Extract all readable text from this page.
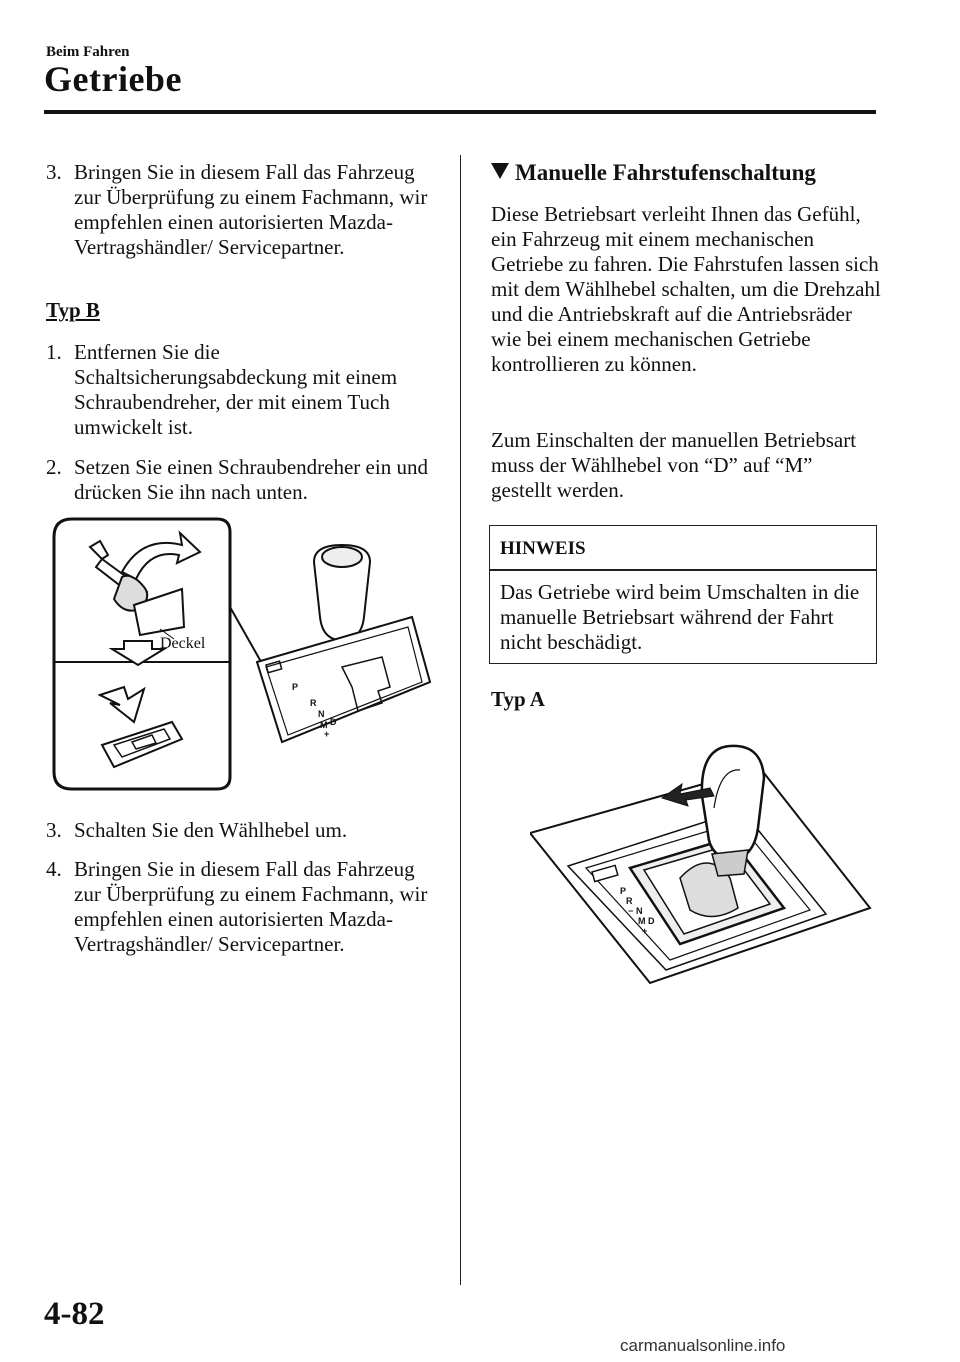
Beim Fahren
Getriebe
3. Bringen Sie in diesem Fall das Fahrzeug zur Überprüfung zu einem Fachmann, wir empfehlen einen autorisierten Mazda-Vertragshändler/ Servicepartner.
Typ B
1. Entfernen Sie die Schaltsicherungsabdeckung mit einem Schraubendreher, der mit einem Tuch umwickelt ist.
2. Setzen Sie einen Schraubendreher ein und drücken Sie ihn nach unten.
Deckel
P
R
N
M D
+
3. Schalten Sie den Wählhebel um.
4. Bringen Sie in diesem Fall das Fahrzeug zur Überprüfung zu einem Fachmann, wir empfehlen einen autorisierten Mazda-Vertragshändler/ Servicepartner.
Manuelle Fahrstufenschaltung

Diese Betriebsart verleiht Ihnen das Gefühl, ein Fahrzeug mit einem mechanischen Getriebe zu fahren. Die Fahrstufen lassen sich mit dem Wählhebel schalten, um die Drehzahl und die Antriebskraft auf die Antriebsräder wie bei einem mechanischen Getriebe kontrollieren zu können.

Zum Einschalten der manuellen Betriebsart muss der Wählhebel von “D” auf “M” gestellt werden.

HINWEIS
Das Getriebe wird beim Umschalten in die manuelle Betriebsart während der Fahrt nicht beschädigt.
Typ A
P
R
− N
M D
+
4-82
carmanualsonline.info
